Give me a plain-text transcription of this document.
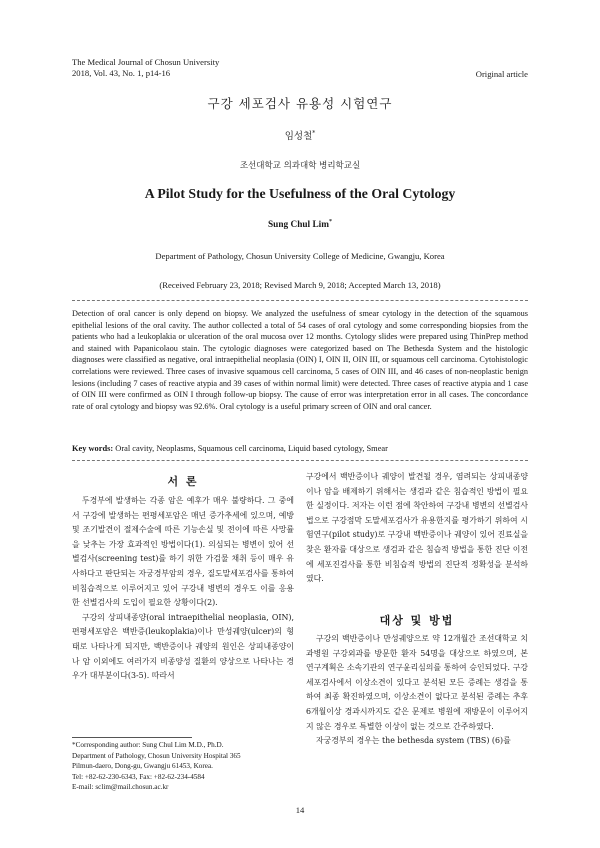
The Medical Journal of Chosun University
2018, Vol. 43, No. 1, p14-16	Original article
구강 세포검사 유용성 시험연구
임성철*
조선대학교 의과대학 병리학교실
A Pilot Study for the Usefulness of the Oral Cytology
Sung Chul Lim*
Department of Pathology, Chosun University College of Medicine, Gwangju, Korea
(Received February 23, 2018; Revised March 9, 2018; Accepted March 13, 2018)
Detection of oral cancer is only depend on biopsy. We analyzed the usefulness of smear cytology in the detection of the squamous epithelial lesions of the oral cavity. The author collected a total of 54 cases of oral cytology and some corresponding biopsies from the patients who had a leukoplakia or ulceration of the oral mucosa over 12 months. Cytology slides were prepared using ThinPrep method and stained with Papanicolaou stain. The cytologic diagnoses were categorized based on The Bethesda System and the histologic diagnoses were classified as negative, oral intraepithelial neoplasia (OIN) I, OIN II, OIN III, or squamous cell carcinoma. Cytohistologic correlations were reviewed. Three cases of invasive squamous cell carcinoma, 5 cases of OIN III, and 46 cases of non-neoplastic benign lesions (including 7 cases of reactive atypia and 39 cases of within normal limit) were detected. Three cases of reactive atypia and 1 case of OIN III were confirmed as OIN I through follow-up biopsy. The cause of error was interpretation error in all cases. The concordance rate of oral cytology and biopsy was 92.6%. Oral cytology is a useful primary screen of OIN and oral cancer.
Key words: Oral cavity, Neoplasms, Squamous cell carcinoma, Liquid based cytology, Smear
서 론

두경부에 발생하는 각종 암은 예후가 매우 불량하다. 그 중에서 구강에 발생하는 편평세포암은 매년 증가추세에 있으며, 예방 및 조기발견이 절제수술에 따른 기능손실 및 전이에 따른 사망률을 낮추는 가장 효과적인 방법이다(1). 의심되는 병변이 있어 선별검사(screening test)를 하기 위한 가검물 채취 등이 매우 유사하다고 판단되는 자궁경부암의 경우, 질도말세포검사를 통하여 비침습적으로 이루어지고 있어 구강내 병변의 경우도 이를 응용한 선별검사의 도입이 필요한 상황이다(2).

구강의 상피내종양(oral intraepithelial neoplasia, OIN), 편평세포암은 백반증(leukoplakia)이나 만성궤양(ulcer)의 형태로 나타나게 되지만, 백반증이나 궤양의 원인은 상피내종양이나 암 이외에도 여러가지 비종양성 질환의 양상으로 나타나는 경우가 대부분이다(3-5). 따라서

구강에서 백반증이나 궤양이 발견될 경우, 염려되는 상피내종양이나 암을 배제하기 위해서는 생검과 같은 침습적인 방법이 필요한 실정이다. 저자는 이런 점에 착안하여 구강내 병변의 선별검사법으로 구강점막 도말세포검사가 유용한지를 평가하기 위하여 시험연구(pilot study)로 구강내 백반증이나 궤양이 있어 진료실을 찾은 환자를 대상으로 생검과 같은 침습적 방법을 통한 진단 이전에 세포진검사를 통한 비침습적 방법의 진단적 정확성을 분석하였다.

대상 및 방법

구강의 백반증이나 만성궤양으로 약 12개월간 조선대학교 치과병원 구강외과를 방문한 환자 54명을 대상으로 하였으며, 본 연구계획은 소속기관의 연구윤리심의를 통하여 승인되었다. 구강세포검사에서 이상소견이 있다고 분석된 모든 증례는 생검을 통하여 최종 확진하였으며, 이상소견이 없다고 분석된 증례는 추후 6개월이상 경과시까지도 같은 문제로 병원에 재방문이 이루어지지 않은 경우로 특별한 이상이 없는 것으로 간주하였다.

자궁경부의 경우는 the bethesda system (TBS) (6)를

*Corresponding author: Sung Chul Lim M.D., Ph.D.
Department of Pathology, Chosun University Hospital 365
Pilmun-daero, Dong-gu, Gwangju 61453, Korea.
Tel: +82-62-230-6343, Fax: +82-62-234-4584
E-mail: sclim@mail.chosun.ac.kr
14
